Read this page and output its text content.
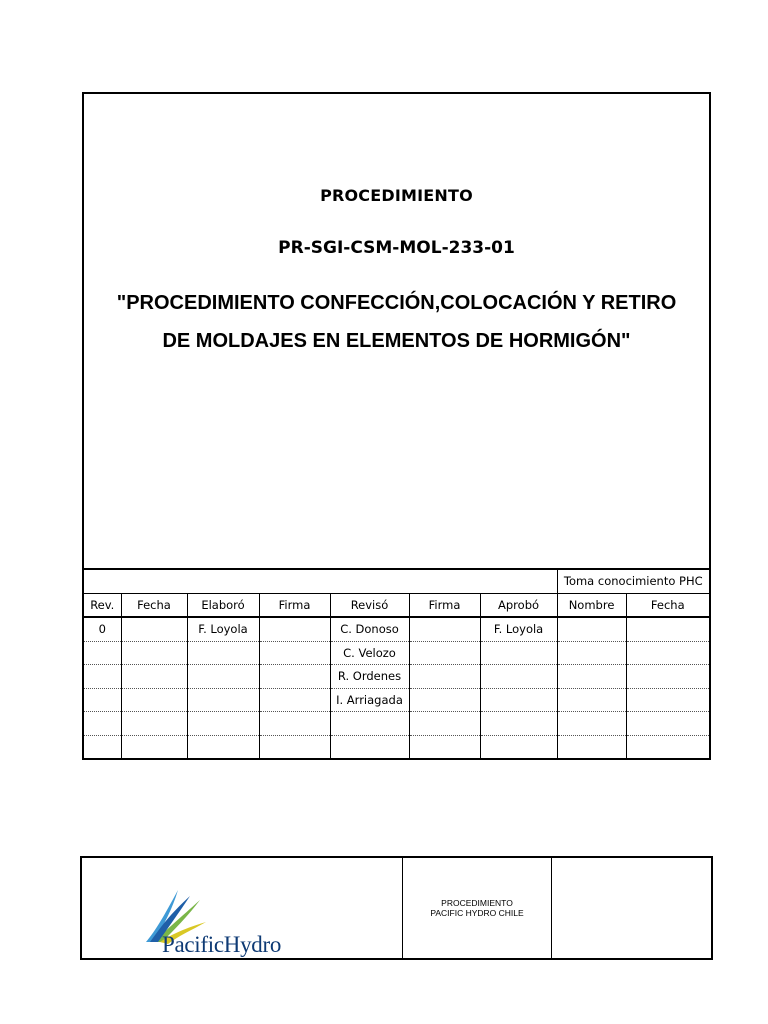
PROCEDIMIENTO
PR-SGI-CSM-MOL-233-01
"PROCEDIMIENTO CONFECCIÓN,COLOCACIÓN Y RETIRO DE MOLDAJES EN ELEMENTOS DE HORMIGÓN"
							Toma conocimiento PHC	
Rev.	Fecha	Elaboró	Firma	Revisó	Firma	Aprobó	Nombre	Fecha
0		F. Loyola		C. Donoso		F. Loyola		
				C. Velozo				
				R. Ordenes				
				I. Arriagada				

PacificHydro
PROCEDIMIENTO
PACIFIC HYDRO CHILE
